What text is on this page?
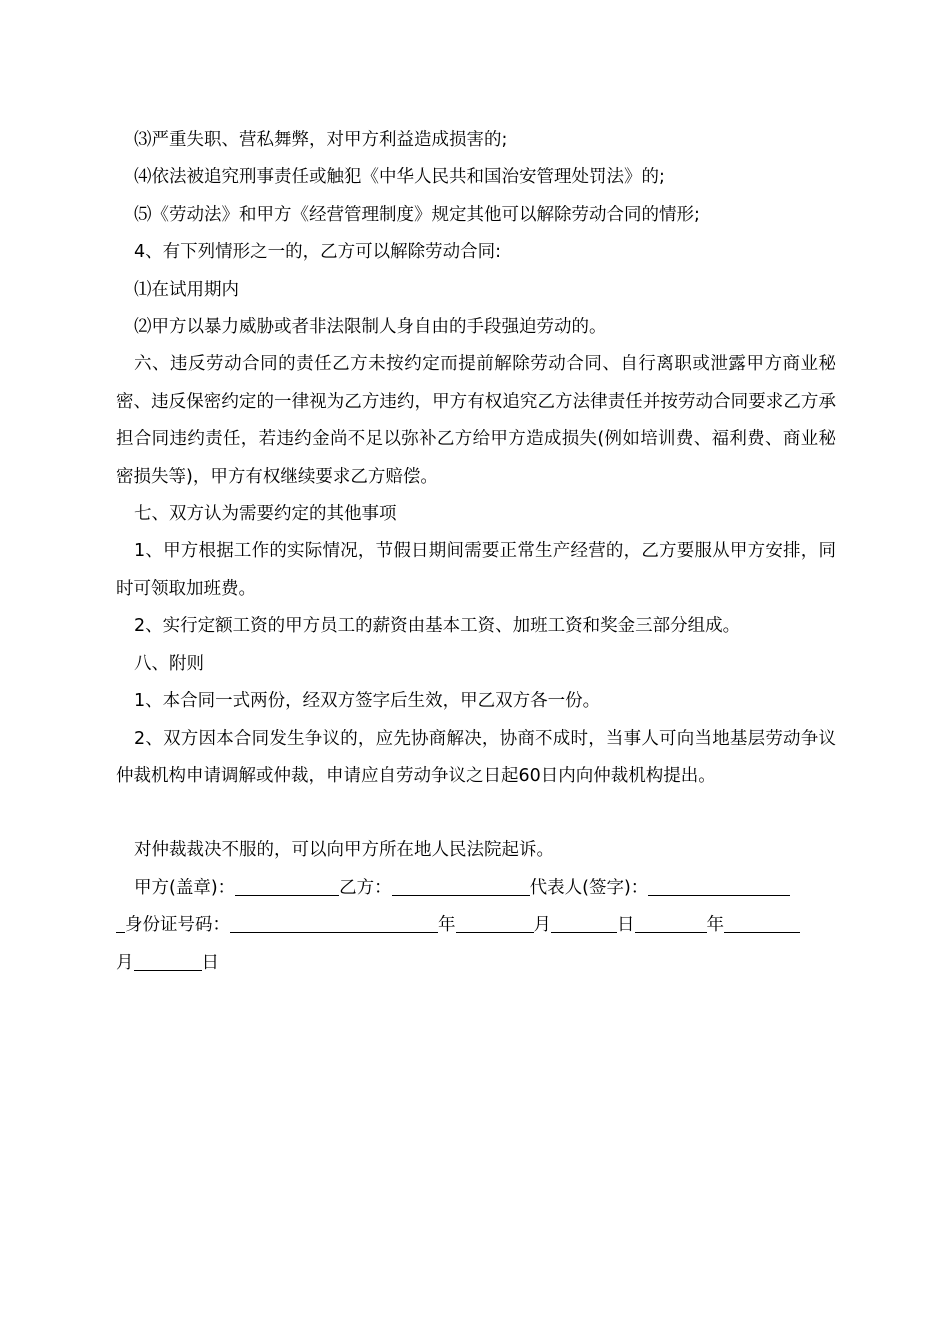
⑶严重失职、营私舞弊，对甲方利益造成损害的;

⑷依法被追究刑事责任或触犯《中华人民共和国治安管理处罚法》的;

⑸《劳动法》和甲方《经营管理制度》规定其他可以解除劳动合同的情形;

4、有下列情形之一的，乙方可以解除劳动合同:

⑴在试用期内

⑵甲方以暴力威胁或者非法限制人身自由的手段强迫劳动的。

六、违反劳动合同的责任乙方未按约定而提前解除劳动合同、自行离职或泄露甲方商业秘密、违反保密约定的一律视为乙方违约，甲方有权追究乙方法律责任并按劳动合同要求乙方承担合同违约责任，若违约金尚不足以弥补乙方给甲方造成损失(例如培训费、福利费、商业秘密损失等)，甲方有权继续要求乙方赔偿。

七、双方认为需要约定的其他事项

1、甲方根据工作的实际情况，节假日期间需要正常生产经营的，乙方要服从甲方安排，同时可领取加班费。

2、实行定额工资的甲方员工的薪资由基本工资、加班工资和奖金三部分组成。

八、附则

1、本合同一式两份，经双方签字后生效，甲乙双方各一份。

2、双方因本合同发生争议的，应先协商解决，协商不成时，当事人可向当地基层劳动争议仲裁机构申请调解或仲裁，申请应自劳动争议之日起60日内向仲裁机构提出。

对仲裁裁决不服的，可以向甲方所在地人民法院起诉。

甲方(盖章)：	乙方：	代表人(签字)：
身份证号码：	年	月	日	年
月	日
